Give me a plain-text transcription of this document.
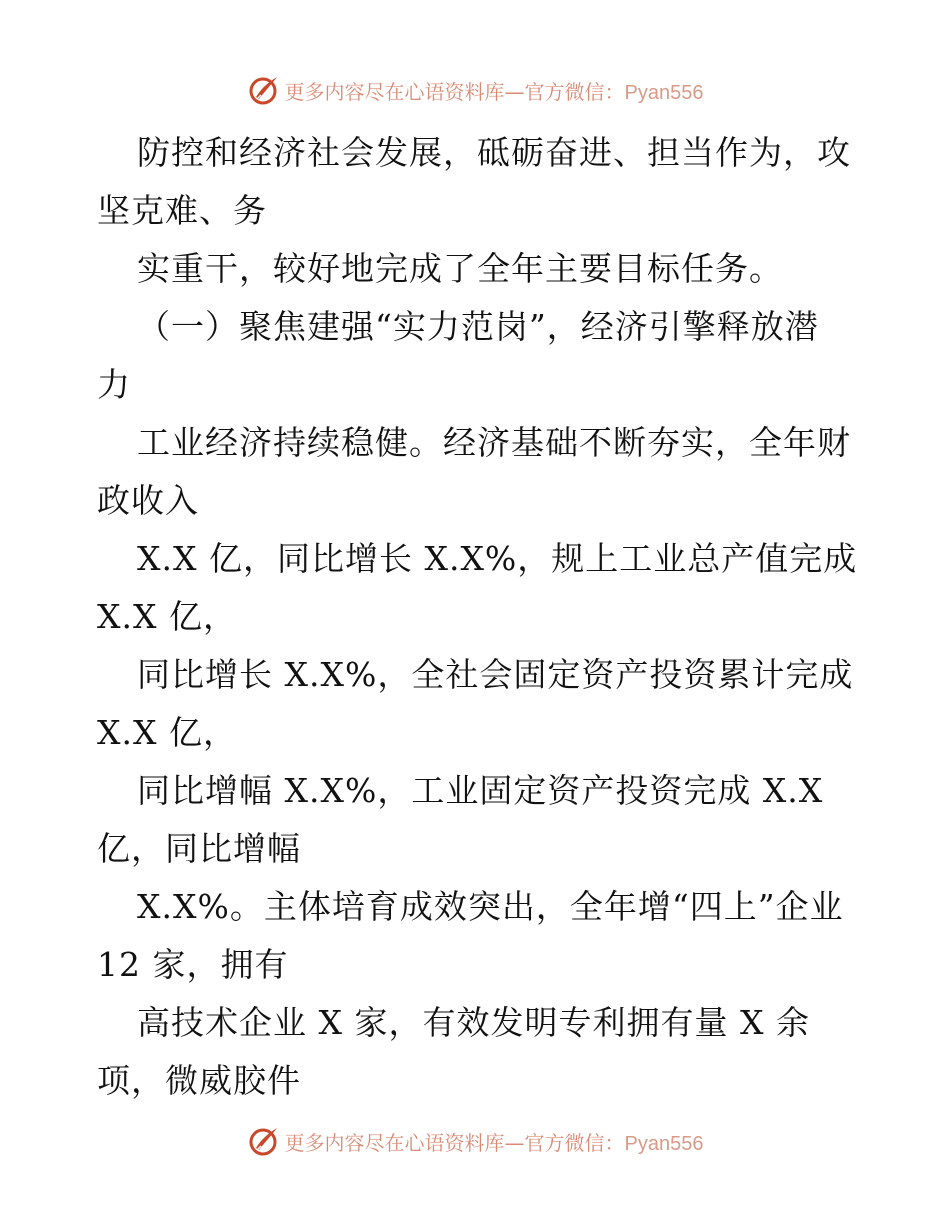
更多内容尽在心语资料库—官方微信：Pyan556
防控和经济社会发展，砥砺奋进、担当作为，攻
坚克难、务
实重干，较好地完成了全年主要目标任务。
（一）聚焦建强“实力范岗”，经济引擎释放潜
力
工业经济持续稳健。经济基础不断夯实，全年财
政收入
X.X 亿，同比增长 X.X%，规上工业总产值完成
X.X 亿，
同比增长 X.X%，全社会固定资产投资累计完成
X.X 亿，
同比增幅 X.X%，工业固定资产投资完成 X.X
亿，同比增幅
X.X%。主体培育成效突出，全年增“四上”企业
12 家，拥有
高技术企业 X 家，有效发明专利拥有量 X 余
项，微威胶件
更多内容尽在心语资料库—官方微信：Pyan556
